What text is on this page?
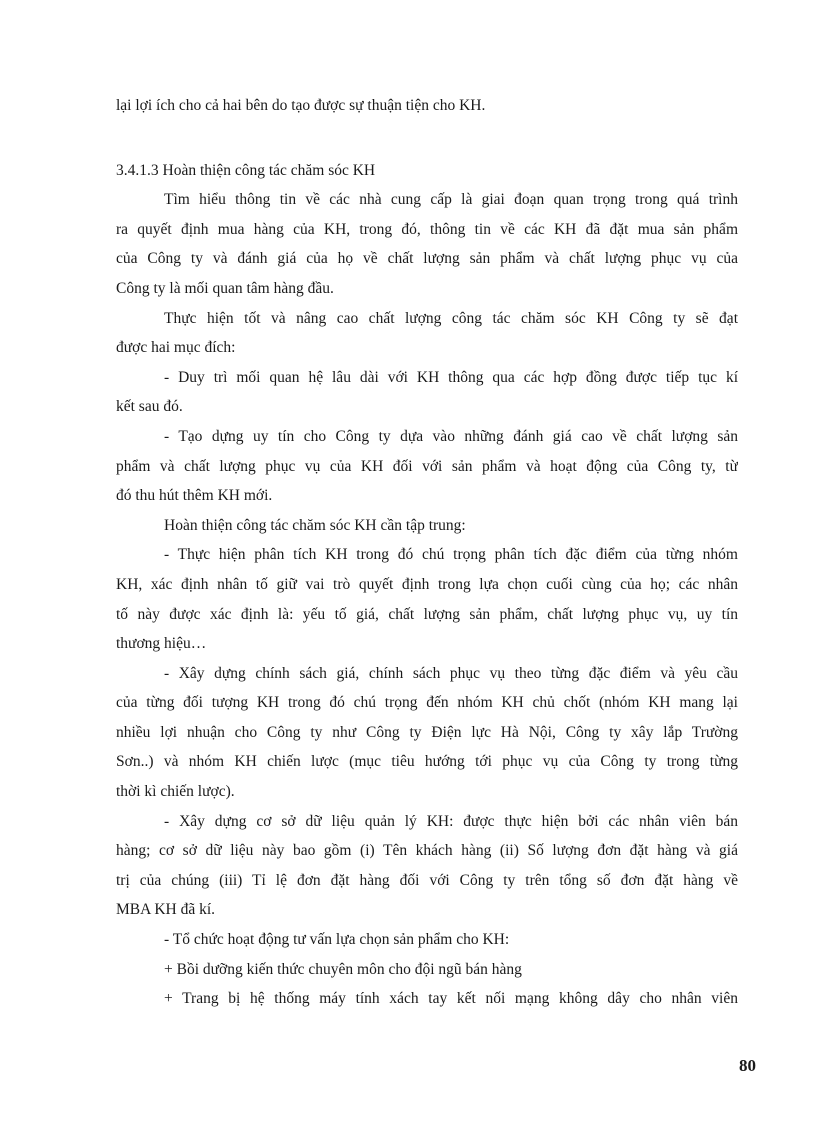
lại lợi ích cho cả hai bên do tạo được sự thuận tiện cho KH.
3.4.1.3 Hoàn thiện công tác chăm sóc KH
Tìm hiểu thông tin về các nhà cung cấp là giai đoạn quan trọng trong quá trình
ra quyết định mua hàng của KH, trong đó, thông tin về các KH đã đặt mua sản phẩm
của Công ty và đánh giá của họ về chất lượng sản phẩm và chất lượng phục vụ của
Công ty là mối quan tâm hàng đầu.
Thực hiện tốt và nâng cao chất lượng công tác chăm sóc KH Công ty sẽ đạt
được hai mục đích:
- Duy trì mối quan hệ lâu dài với KH thông qua các hợp đồng được tiếp tục kí
kết sau đó.
- Tạo dựng uy tín cho Công ty dựa vào những đánh giá cao về chất lượng sản
phẩm và chất lượng phục vụ của KH đối với sản phẩm và hoạt động của Công ty, từ
đó thu hút thêm KH mới.
Hoàn thiện công tác chăm sóc KH cần tập trung:
- Thực hiện phân tích KH trong đó chú trọng phân tích đặc điểm của từng nhóm
KH, xác định nhân tố giữ vai trò quyết định trong lựa chọn cuối cùng của họ; các nhân
tố này được xác định là: yếu tố giá, chất lượng sản phẩm, chất lượng phục vụ, uy tín
thương hiệu…
- Xây dựng chính sách giá, chính sách phục vụ theo từng đặc điểm và yêu cầu
của từng đối tượng KH trong đó chú trọng đến nhóm KH chủ chốt (nhóm KH mang lại
nhiều lợi nhuận cho Công ty như Công ty Điện lực Hà Nội, Công ty xây lắp Trường
Sơn..) và nhóm KH chiến lược (mục tiêu hướng tới phục vụ của Công ty trong từng
thời kì chiến lược).
- Xây dựng cơ sở dữ liệu quản lý KH: được thực hiện bởi các nhân viên bán
hàng; cơ sở dữ liệu này bao gồm (i) Tên khách hàng (ii) Số lượng đơn đặt hàng và giá
trị của chúng (iii) Tỉ lệ đơn đặt hàng đối với Công ty trên tổng số đơn đặt hàng về
MBA KH đã kí.
- Tổ chức hoạt động tư vấn lựa chọn sản phẩm cho KH:
+ Bồi dưỡng kiến thức chuyên môn cho đội ngũ bán hàng
+ Trang bị hệ thống máy tính xách tay kết nối mạng không dây cho nhân viên
80
